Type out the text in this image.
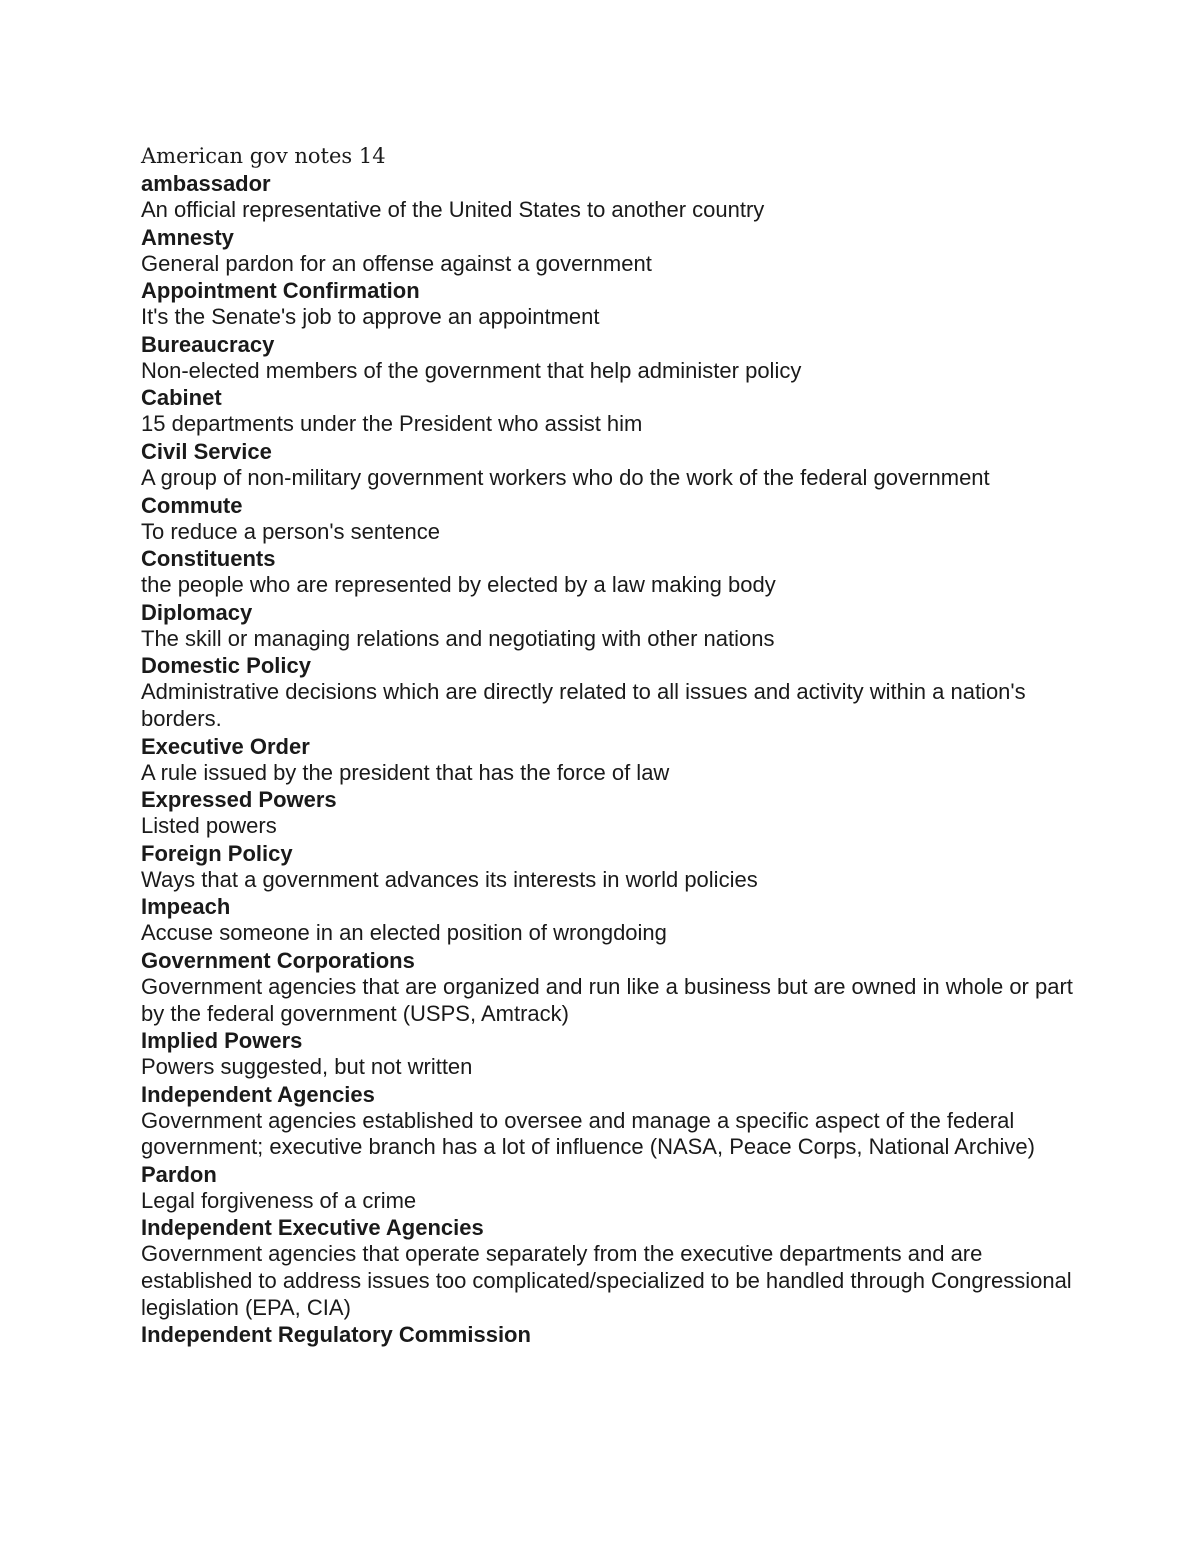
American gov notes 14
ambassador
An official representative of the United States to another country
Amnesty
General pardon for an offense against a government
Appointment Confirmation
It's the Senate's job to approve an appointment
Bureaucracy
Non-elected members of the government that help administer policy
Cabinet
15 departments under the President who assist him
Civil Service
A group of non-military government workers who do the work of the federal government
Commute
To reduce a person's sentence
Constituents
the people who are represented by elected by a law making body
Diplomacy
The skill or managing relations and negotiating with other nations
Domestic Policy
Administrative decisions which are directly related to all issues and activity within a nation's borders.
Executive Order
A rule issued by the president that has the force of law
Expressed Powers
Listed powers
Foreign Policy
Ways that a government advances its interests in world policies
Impeach
Accuse someone in an elected position of wrongdoing
Government Corporations
Government agencies that are organized and run like a business but are owned in whole or part by the federal government (USPS, Amtrack)
Implied Powers
Powers suggested, but not written
Independent Agencies
Government agencies established to oversee and manage a specific aspect of the federal government; executive branch has a lot of influence (NASA, Peace Corps, National Archive)
Pardon
Legal forgiveness of a crime
Independent Executive Agencies
Government agencies that operate separately from the executive departments and are established to address issues too complicated/specialized to be handled through Congressional legislation (EPA, CIA)
Independent Regulatory Commission
